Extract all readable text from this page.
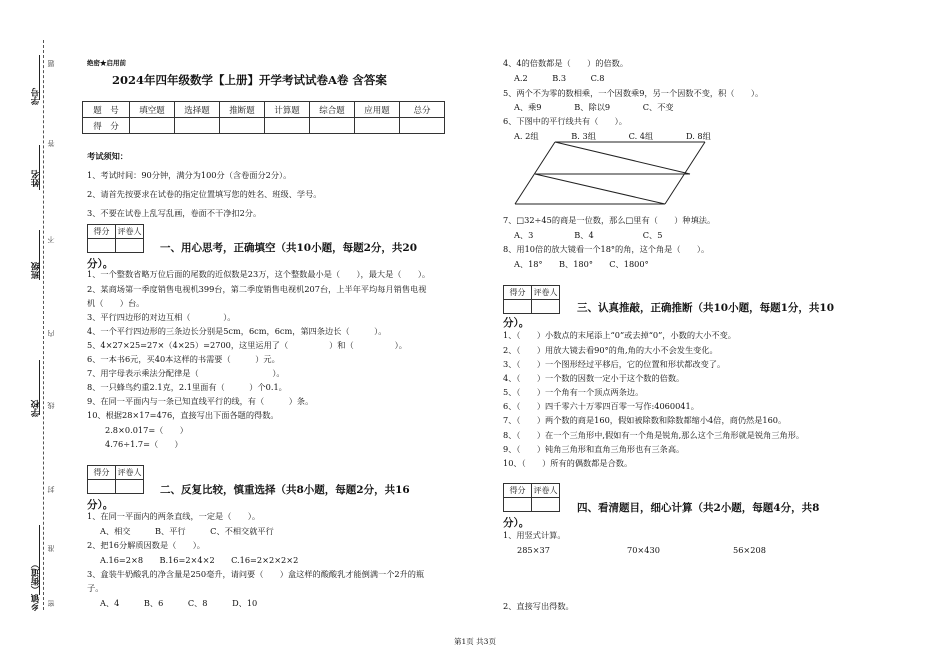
学号
姓名
班级
学校
乡镇（街道） 密
封
线
内
不
准
答
题	绝密★启用前
2024年四年级数学【上册】开学考试试卷A卷 含答案
题　号	填空题	选择题	推断题	计算题	综合题	应用题	总分
得　分							
考试须知：
1、考试时间：90分钟，满分为100分（含卷面分2分）。
2、请首先按要求在试卷的指定位置填写您的姓名、班级、学号。
3、不要在试卷上乱写乱画，卷面不干净扣2分。
得分	评卷人

一、用心思考，正确填空（共10小题，每题2分，共20
分）。
1、一个整数省略万位后面的尾数的近似数是23万，这个整数最小是（　　），最大是（　　）。
2、某商场第一季度销售电视机399台，第二季度销售电视机207台，上半年平均每月销售电视
机（　　）台。
3、平行四边形的对边互相（　　　　）。
4、一个平行四边形的三条边长分别是5cm，6cm，6cm，第四条边长（　　　）。
5、4×27×25=27×（4×25）=2700，这里运用了（　　　　　）和（　　　　　）。
6、一本书6元，买40本这样的书需要（　　　）元。
7、用字母表示乘法分配律是（　　　　　　　　　）。
8、一只蜂鸟约重2.1克，2.1里面有（　　　）个0.1。
9、在同一平面内与一条已知直线平行的线，有（　　　）条。
10、根据28×17=476，直接写出下面各题的得数。
2.8×0.017=（　　）
4.76÷1.7=（　　）
得分	评卷人

二、反复比较，慎重选择（共8小题，每题2分，共16
分）。
1、在同一平面内的两条直线，一定是（　　）。
A、相交　　　B、平行　　　C、不相交就平行
2、把16分解质因数是（　　）。
A.16=2×8　　B.16=2×4×2　　C.16=2×2×2×2
3、盒装牛奶酸乳的净含量是250毫升，请问要（　　）盒这样的酸酸乳才能倒满一个2升的瓶
子。
A、4　　　B、6　　　C、8　　　D、10
4、4的倍数都是（　　）的倍数。
A.2　　　B.3　　　C.8
5、两个不为零的数相乘，一个因数乘9，另一个因数不变，积（　　）。
A、乘9　　　　B、除以9　　　　C、不变
6、下图中的平行线共有（　　）。
A. 2组　　　　B. 3组　　　　C. 4组　　　　D. 8组
7、□32÷45的商是一位数，那么□里有（　　）种填法。
A、3　　　　　B、4　　　　　　C、5
8、用10倍的放大镜看一个18°的角，这个角是（　　）。
A、18°　　B、180°　　C、1800°
得分	评卷人

三、认真推敲，正确推断（共10小题，每题1分，共10
分）。
1、（　　）小数点的末尾添上“0”或去掉“0”，小数的大小不变。
2、（　　）用放大镜去看90°的角,角的大小不会发生变化。
3、（　　）一个图形经过平移后，它的位置和形状都改变了。
4、（　　）一个数的因数一定小于这个数的倍数。
5、（　　）一个角有一个顶点两条边。
6、（　　）四千零六十万零四百零一写作:4060041。
7、（　　）两个数的商是160，假如被除数和除数都缩小4倍，商仍然是160。
8、（　　）在一个三角形中,假如有一个角是锐角,那么这个三角形就是锐角三角形。
9、（　　）钝角三角形和直角三角形也有三条高。
10、（　　）所有的偶数都是合数。
得分	评卷人

四、看清题目，细心计算（共2小题，每题4分，共8
分）。
1、用竖式计算。
285×37	70×430	56×208
2、直接写出得数。
第1页 共3页
